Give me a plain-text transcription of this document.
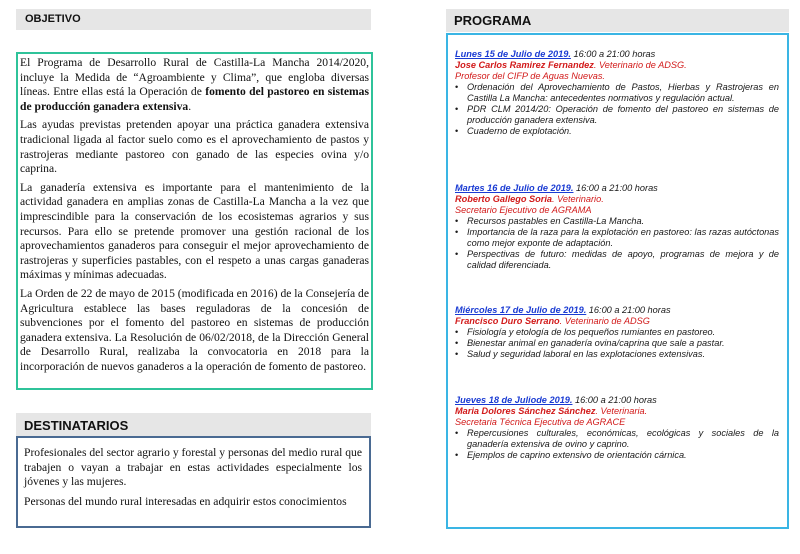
OBJETIVO	PROGRAMA
DESTINATARIOS

El Programa de Desarrollo Rural de Castilla-La Mancha 2014/2020, incluye la Medida de “Agroambiente y Clima”, que engloba diversas líneas. Entre ellas está la Operación de fomento del pastoreo en sistemas de producción ganadera extensiva.

Las ayudas previstas pretenden apoyar una práctica ganadera extensiva tradicional ligada al factor suelo como es el aprovechamiento de pastos y rastrojeras mediante pastoreo con ganado de las especies ovina y/o caprina.

La ganadería extensiva es importante para el mantenimiento de la actividad ganadera en amplias zonas de Castilla-La Mancha a la vez que imprescindible para la conservación de los ecosistemas agrarios y sus recursos. Para ello se pretende promover una gestión racional de los aprovechamientos ganaderos para conseguir el mejor aprovechamiento de rastrojeras y superficies pastables, con el respeto a unas cargas ganaderas máximas y mínimas adecuadas.

La Orden de 22 de mayo de 2015 (modificada en 2016) de la Consejería de Agricultura establece las bases reguladoras de la concesión de subvenciones por el fomento del pastoreo en sistemas de producción ganadera extensiva. La Resolución de 06/02/2018, de la Dirección General de Desarrollo Rural, realizaba la convocatoria en 2018 para la incorporación de nuevos ganaderos a la operación de fomento de pastoreo.

Profesionales del sector agrario y forestal y personas del medio rural que trabajen o vayan a trabajar en estas actividades especialmente los jóvenes y las mujeres.

Personas del mundo rural interesadas en adquirir estos conocimientos

Lunes 15 de Julio de 2019. 16:00 a 21:00 horas
Jose Carlos Ramirez Fernandez. Veterinario de ADSG.
Profesor del CIFP de Aguas Nuevas.
• Ordenación del Aprovechamiento de Pastos, Hierbas y Rastrojeras en Castilla La Mancha: antecedentes normativos y regulación actual.
• PDR CLM 2014/20: Operación de fomento del pastoreo en sistemas de producción ganadera extensiva.
• Cuaderno de explotación.
Martes 16 de Julio de 2019. 16:00 a 21:00 horas
Roberto Gallego Soria. Veterinario.
Secretario Ejecutivo de AGRAMA
• Recursos pastables en Castilla-La Mancha.
• Importancia de la raza para la explotación en pastoreo: las razas autóctonas como mejor exponte de adaptación.
• Perspectivas de futuro: medidas de apoyo, programas de mejora y de calidad diferenciada.
Miércoles 17 de Julio de 2019. 16:00 a 21:00 horas
Francisco Duro Serrano. Veterinario de ADSG
• Fisiología y etología de los pequeños rumiantes en pastoreo.
• Bienestar animal en ganadería ovina/caprina que sale a pastar.
• Salud y seguridad laboral en las explotaciones extensivas.
Jueves 18 de Juliode 2019. 16:00 a 21:00 horas
Maria Dolores Sánchez Sánchez. Veterinaria.
Secretaria Técnica Ejecutiva de AGRACE
• Repercusiones culturales, económicas, ecológicas y sociales de la ganadería extensiva de ovino y caprino.
• Ejemplos de caprino extensivo de orientación cárnica.
